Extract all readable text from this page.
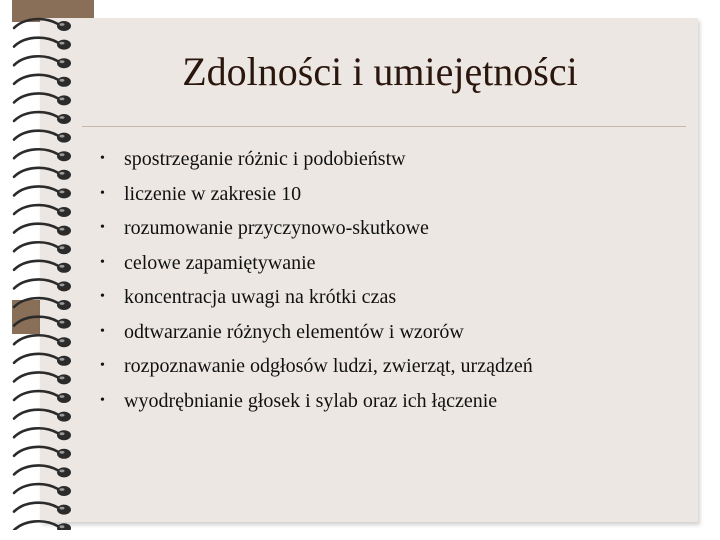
Zdolności i umiejętności
• spostrzeganie różnic i podobieństw
• liczenie w zakresie 10
• rozumowanie przyczynowo-skutkowe
• celowe zapamiętywanie
• koncentracja uwagi na krótki czas
• odtwarzanie różnych elementów i wzorów
• rozpoznawanie odgłosów ludzi, zwierząt, urządzeń
• wyodrębnianie głosek i sylab oraz ich łączenie
